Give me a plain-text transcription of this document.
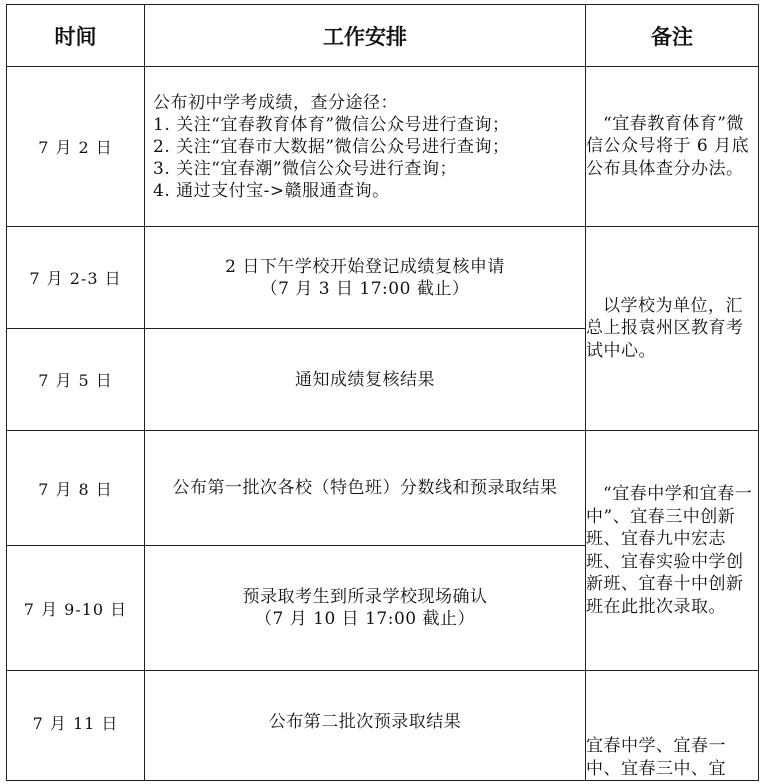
时间	工作安排	备注
7 月 2 日	公布初中学考成绩，查分途径：
1. 关注“宜春教育体育”微信公众号进行查询；
2. 关注“宜春市大数据”微信公众号进行查询；
3. 关注“宜春潮”微信公众号进行查询；
4. 通过支付宝->赣服通查询。	“宜春教育体育”微信公众号将于 6 月底公布具体查分办法。

7 月 2-3 日	2 日下午学校开始登记成绩复核申请
（7 月 3 日 17:00 截止）	以学校为单位，汇总上报袁州区教育考试中心。

7 月 5 日	通知成绩复核结果	

7 月 8 日	公布第一批次各校（特色班）分数线和预录取结果	“宜春中学和宜春一中”、宜春三中创新班、宜春九中宏志班、宜春实验中学创新班、宜春十中创新班在此批次录取。

7 月 9-10 日	预录取考生到所录学校现场确认
（7 月 10 日 17:00 截止）	

7 月 11 日	公布第二批次预录取结果	宜春中学、宜春一中、宜春三中、宜
